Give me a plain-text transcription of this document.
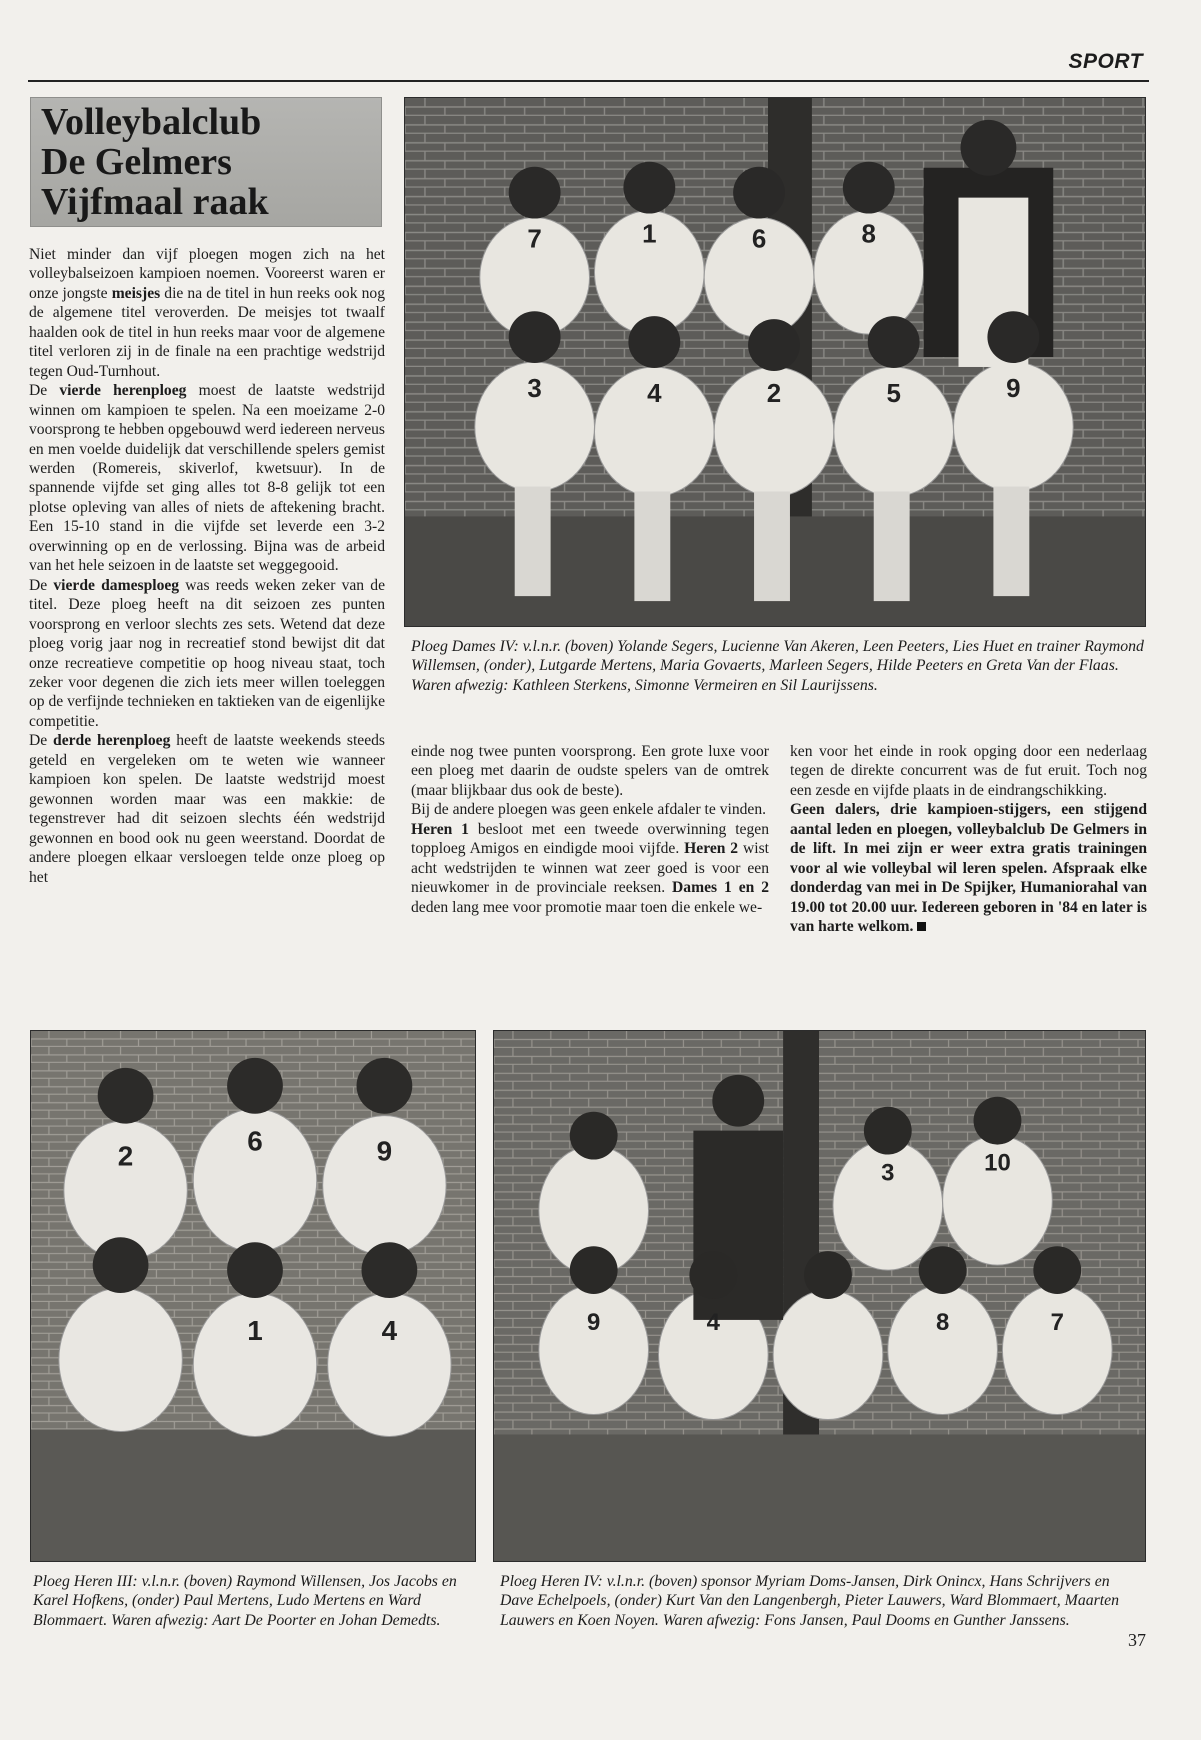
SPORT
Volleybalclub
De Gelmers
Vijfmaal raak

Niet minder dan vijf ploegen mogen zich na het volleybalseizoen kampioen noemen. Vooreerst waren er onze jongste meisjes die na de titel in hun reeks ook nog de algemene titel veroverden. De meisjes tot twaalf haalden ook de titel in hun reeks maar voor de algemene titel verloren zij in de finale na een prachtige wedstrijd tegen Oud-Turnhout.

De vierde herenploeg moest de laatste wedstrijd winnen om kampioen te spelen. Na een moeizame 2-0 voorsprong te hebben opgebouwd werd iedereen nerveus en men voelde duidelijk dat verschillende spelers gemist werden (Romereis, skiverlof, kwetsuur). In de spannende vijfde set ging alles tot 8-8 gelijk tot een plotse opleving van alles of niets de aftekening bracht. Een 15-10 stand in die vijfde set leverde een 3-2 overwinning op en de verlossing. Bijna was de arbeid van het hele seizoen in de laatste set weggegooid.

De vierde damesploeg was reeds weken zeker van de titel. Deze ploeg heeft na dit seizoen zes punten voorsprong en verloor slechts zes sets. Wetend dat deze ploeg vorig jaar nog in recreatief stond bewijst dit dat onze recreatieve competitie op hoog niveau staat, toch zeker voor degenen die zich iets meer willen toeleggen op de verfijnde technieken en taktieken van de eigenlijke competitie.

De derde herenploeg heeft de laatste weekends steeds geteld en vergeleken om te weten wie wanneer kampioen kon spelen. De laatste wedstrijd moest gewonnen worden maar was een makkie: de tegenstrever had dit seizoen slechts één wedstrijd gewonnen en bood ook nu geen weerstand. Doordat de andere ploegen elkaar versloegen telde onze ploeg op het

7	1	6	8
3	4	2	5	9
Ploeg Dames IV: v.l.n.r. (boven) Yolande Segers, Lucienne Van Akeren, Leen Peeters, Lies Huet en trainer Raymond Willemsen, (onder), Lutgarde Mertens, Maria Govaerts, Marleen Segers, Hilde Peeters en Greta Van der Flaas. Waren afwezig: Kathleen Sterkens, Simonne Vermeiren en Sil Laurijssens.

einde nog twee punten voorsprong. Een grote luxe voor een ploeg met daarin de oudste spelers van de omtrek (maar blijkbaar dus ook de beste).

Bij de andere ploegen was geen enkele afdaler te vinden.

Heren 1 besloot met een tweede overwinning tegen topploeg Amigos en eindigde mooi vijfde. Heren 2 wist acht wedstrijden te winnen wat zeer goed is voor een nieuwkomer in de provinciale reeksen. Dames 1 en 2 deden lang mee voor promotie maar toen die enkele we-

ken voor het einde in rook opging door een nederlaag tegen de direkte concurrent was de fut eruit. Toch nog een zesde en vijfde plaats in de eindrangschikking.

Geen dalers, drie kampioen-stijgers, een stijgend aantal leden en ploegen, volleybalclub De Gelmers in de lift. In mei zijn er weer extra gratis trainingen voor al wie volleybal wil leren spelen. Afspraak elke donderdag van mei in De Spijker, Humaniorahal van 19.00 tot 20.00 uur. Iedereen geboren in '84 en later is van harte welkom.

2	6	9
1	4
3	10
9	4	8	7
Ploeg Heren III: v.l.n.r. (boven) Raymond Willensen, Jos Jacobs en Karel Hofkens, (onder) Paul Mertens, Ludo Mertens en Ward Blommaert. Waren afwezig: Aart De Poorter en Johan Demedts.
Ploeg Heren IV: v.l.n.r. (boven) sponsor Myriam Doms-Jansen, Dirk Onincx, Hans Schrijvers en Dave Echelpoels, (onder) Kurt Van den Langenbergh, Pieter Lauwers, Ward Blommaert, Maarten Lauwers en Koen Noyen. Waren afwezig: Fons Jansen, Paul Dooms en Gunther Janssens.
37
